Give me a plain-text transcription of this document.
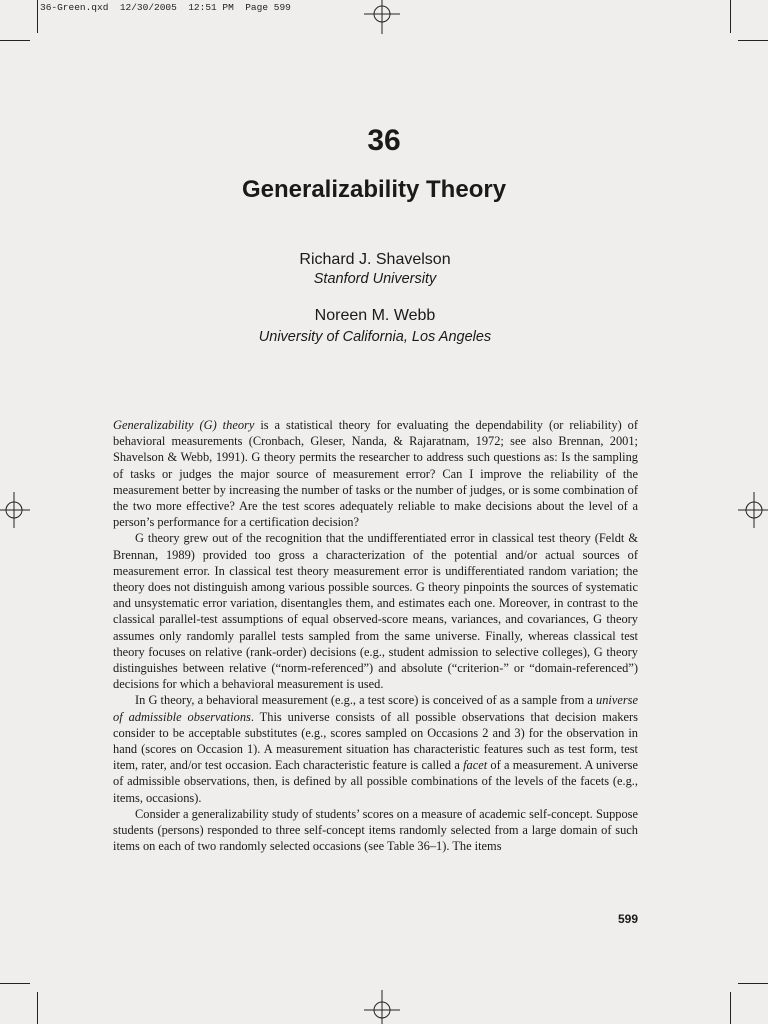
36-Green.qxd  12/30/2005  12:51 PM  Page 599
36
Generalizability Theory
Richard J. Shavelson
Stanford University
Noreen M. Webb
University of California, Los Angeles

Generalizability (G) theory is a statistical theory for evaluating the dependability (or reliability) of behavioral measurements (Cronbach, Gleser, Nanda, & Rajaratnam, 1972; see also Brennan, 2001; Shavelson & Webb, 1991). G theory permits the researcher to address such questions as: Is the sampling of tasks or judges the major source of measurement error? Can I improve the reliability of the measurement better by increasing the number of tasks or the number of judges, or is some combination of the two more effective? Are the test scores adequately reliable to make decisions about the level of a person’s performance for a certification decision?

G theory grew out of the recognition that the undifferentiated error in classical test theory (Feldt & Brennan, 1989) provided too gross a characterization of the potential and/or actual sources of measurement error. In classical test theory measurement error is undifferentiated random variation; the theory does not distinguish among various possible sources. G theory pinpoints the sources of systematic and unsystematic error variation, disentangles them, and estimates each one. Moreover, in contrast to the classical parallel-test assumptions of equal observed-score means, variances, and covariances, G theory assumes only randomly parallel tests sampled from the same universe. Finally, whereas classical test theory focuses on relative (rank-order) decisions (e.g., student admission to selective colleges), G theory distinguishes between relative (“norm-referenced”) and absolute (“criterion-” or “domain-referenced”) decisions for which a behavioral measurement is used.

In G theory, a behavioral measurement (e.g., a test score) is conceived of as a sample from a universe of admissible observations. This universe consists of all possible observations that decision makers consider to be acceptable substitutes (e.g., scores sampled on Occasions 2 and 3) for the observation in hand (scores on Occasion 1). A measurement situation has characteristic features such as test form, test item, rater, and/or test occasion. Each characteristic feature is called a facet of a measurement. A universe of admissible observations, then, is defined by all possible combinations of the levels of the facets (e.g., items, occasions).

Consider a generalizability study of students’ scores on a measure of academic self-concept. Suppose students (persons) responded to three self-concept items randomly selected from a large domain of such items on each of two randomly selected occasions (see Table 36–1). The items

599
